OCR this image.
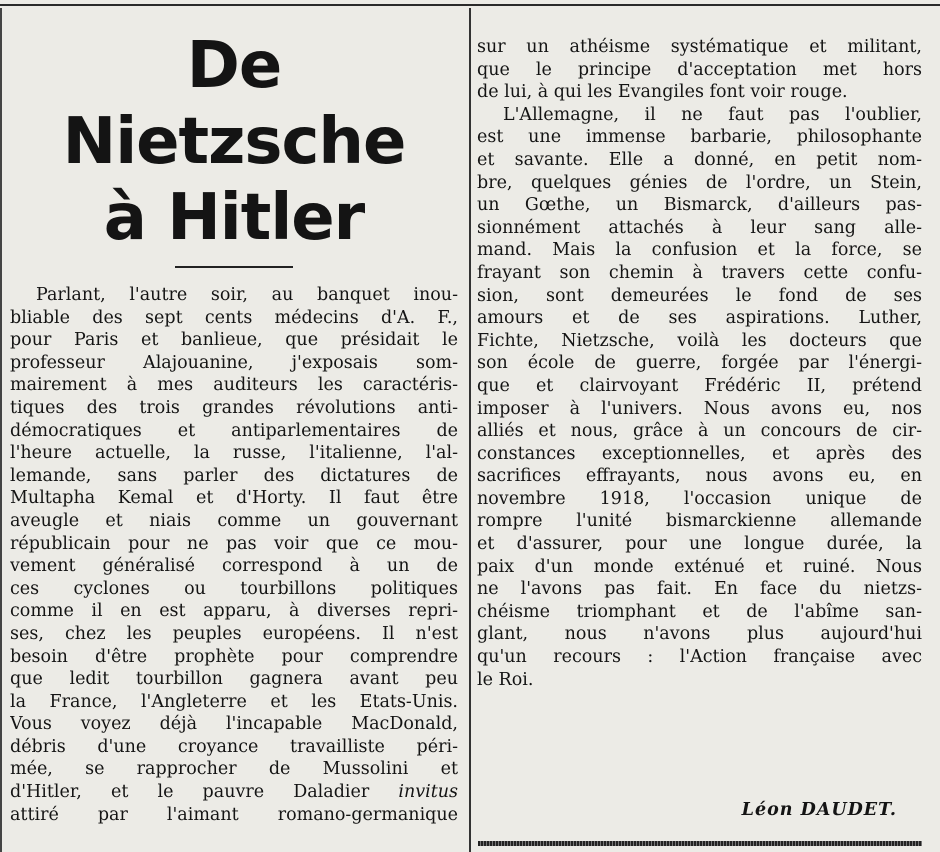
De Nietzsche
à Hitler

Parlant, l'autre soir, au banquet inou-
bliable des sept cents médecins d'A. F.,
pour Paris et banlieue, que présidait le
professeur Alajouanine, j'exposais som-
mairement à mes auditeurs les caractéris-
tiques des trois grandes révolutions anti-
démocratiques et antiparlementaires de
l'heure actuelle, la russe, l'italienne, l'al-
lemande, sans parler des dictatures de
Multapha Kemal et d'Horty. Il faut être
aveugle et niais comme un gouvernant
républicain pour ne pas voir que ce mou-
vement généralisé correspond à un de
ces cyclones ou tourbillons politiques
comme il en est apparu, à diverses repri-
ses, chez les peuples européens. Il n'est
besoin d'être prophète pour comprendre
que ledit tourbillon gagnera avant peu
la France, l'Angleterre et les Etats-Unis.
Vous voyez déjà l'incapable MacDonald,
débris d'une croyance travailliste péri-
mée, se rapprocher de Mussolini et
d'Hitler, et le pauvre Daladier invitus
attiré par l'aimant romano-germanique

sur un athéisme systématique et militant,
que le principe d'acceptation met hors
de lui, à qui les Evangiles font voir rouge.
L'Allemagne, il ne faut pas l'oublier,
est une immense barbarie, philosophante
et savante. Elle a donné, en petit nom-
bre, quelques génies de l'ordre, un Stein,
un Gœthe, un Bismarck, d'ailleurs pas-
sionnément attachés à leur sang alle-
mand. Mais la confusion et la force, se
frayant son chemin à travers cette confu-
sion, sont demeurées le fond de ses
amours et de ses aspirations. Luther,
Fichte, Nietzsche, voilà les docteurs que
son école de guerre, forgée par l'énergi-
que et clairvoyant Frédéric II, prétend
imposer à l'univers. Nous avons eu, nos
alliés et nous, grâce à un concours de cir-
constances exceptionnelles, et après des
sacrifices effrayants, nous avons eu, en
novembre 1918, l'occasion unique de
rompre l'unité bismarckienne allemande
et d'assurer, pour une longue durée, la
paix d'un monde exténué et ruiné. Nous
ne l'avons pas fait. En face du nietzs-
chéisme triomphant et de l'abîme san-
glant, nous n'avons plus aujourd'hui
qu'un recours : l'Action française avec
le Roi.

Léon DAUDET.
